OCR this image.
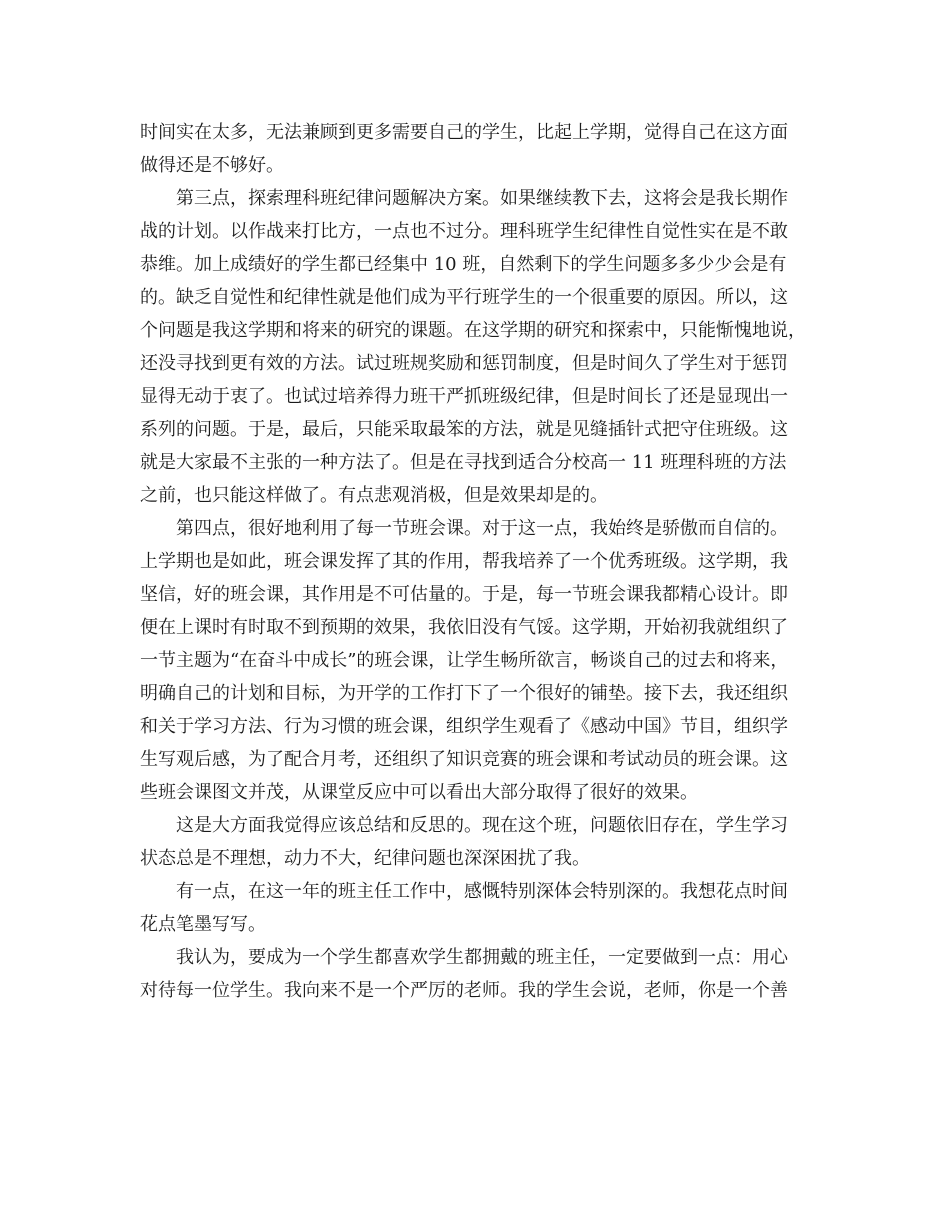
时间实在太多，无法兼顾到更多需要自己的学生，比起上学期，觉得自己在这方面
做得还是不够好。
　　第三点，探索理科班纪律问题解决方案。如果继续教下去，这将会是我长期作
战的计划。以作战来打比方，一点也不过分。理科班学生纪律性自觉性实在是不敢
恭维。加上成绩好的学生都已经集中 10 班，自然剩下的学生问题多多少少会是有
的。缺乏自觉性和纪律性就是他们成为平行班学生的一个很重要的原因。所以，这
个问题是我这学期和将来的研究的课题。在这学期的研究和探索中，只能惭愧地说，
还没寻找到更有效的方法。试过班规奖励和惩罚制度，但是时间久了学生对于惩罚
显得无动于衷了。也试过培养得力班干严抓班级纪律，但是时间长了还是显现出一
系列的问题。于是，最后，只能采取最笨的方法，就是见缝插针式把守住班级。这
就是大家最不主张的一种方法了。但是在寻找到适合分校高一 11 班理科班的方法
之前，也只能这样做了。有点悲观消极，但是效果却是的。
　　第四点，很好地利用了每一节班会课。对于这一点，我始终是骄傲而自信的。
上学期也是如此，班会课发挥了其的作用，帮我培养了一个优秀班级。这学期，我
坚信，好的班会课，其作用是不可估量的。于是，每一节班会课我都精心设计。即
便在上课时有时取不到预期的效果，我依旧没有气馁。这学期，开始初我就组织了
一节主题为“在奋斗中成长”的班会课，让学生畅所欲言，畅谈自己的过去和将来，
明确自己的计划和目标，为开学的工作打下了一个很好的铺垫。接下去，我还组织
和关于学习方法、行为习惯的班会课，组织学生观看了《感动中国》节目，组织学
生写观后感，为了配合月考，还组织了知识竞赛的班会课和考试动员的班会课。这
些班会课图文并茂，从课堂反应中可以看出大部分取得了很好的效果。
　　这是大方面我觉得应该总结和反思的。现在这个班，问题依旧存在，学生学习
状态总是不理想，动力不大，纪律问题也深深困扰了我。
　　有一点，在这一年的班主任工作中，感慨特别深体会特别深的。我想花点时间
花点笔墨写写。
　　我认为，要成为一个学生都喜欢学生都拥戴的班主任，一定要做到一点：用心
对待每一位学生。我向来不是一个严厉的老师。我的学生会说，老师，你是一个善
